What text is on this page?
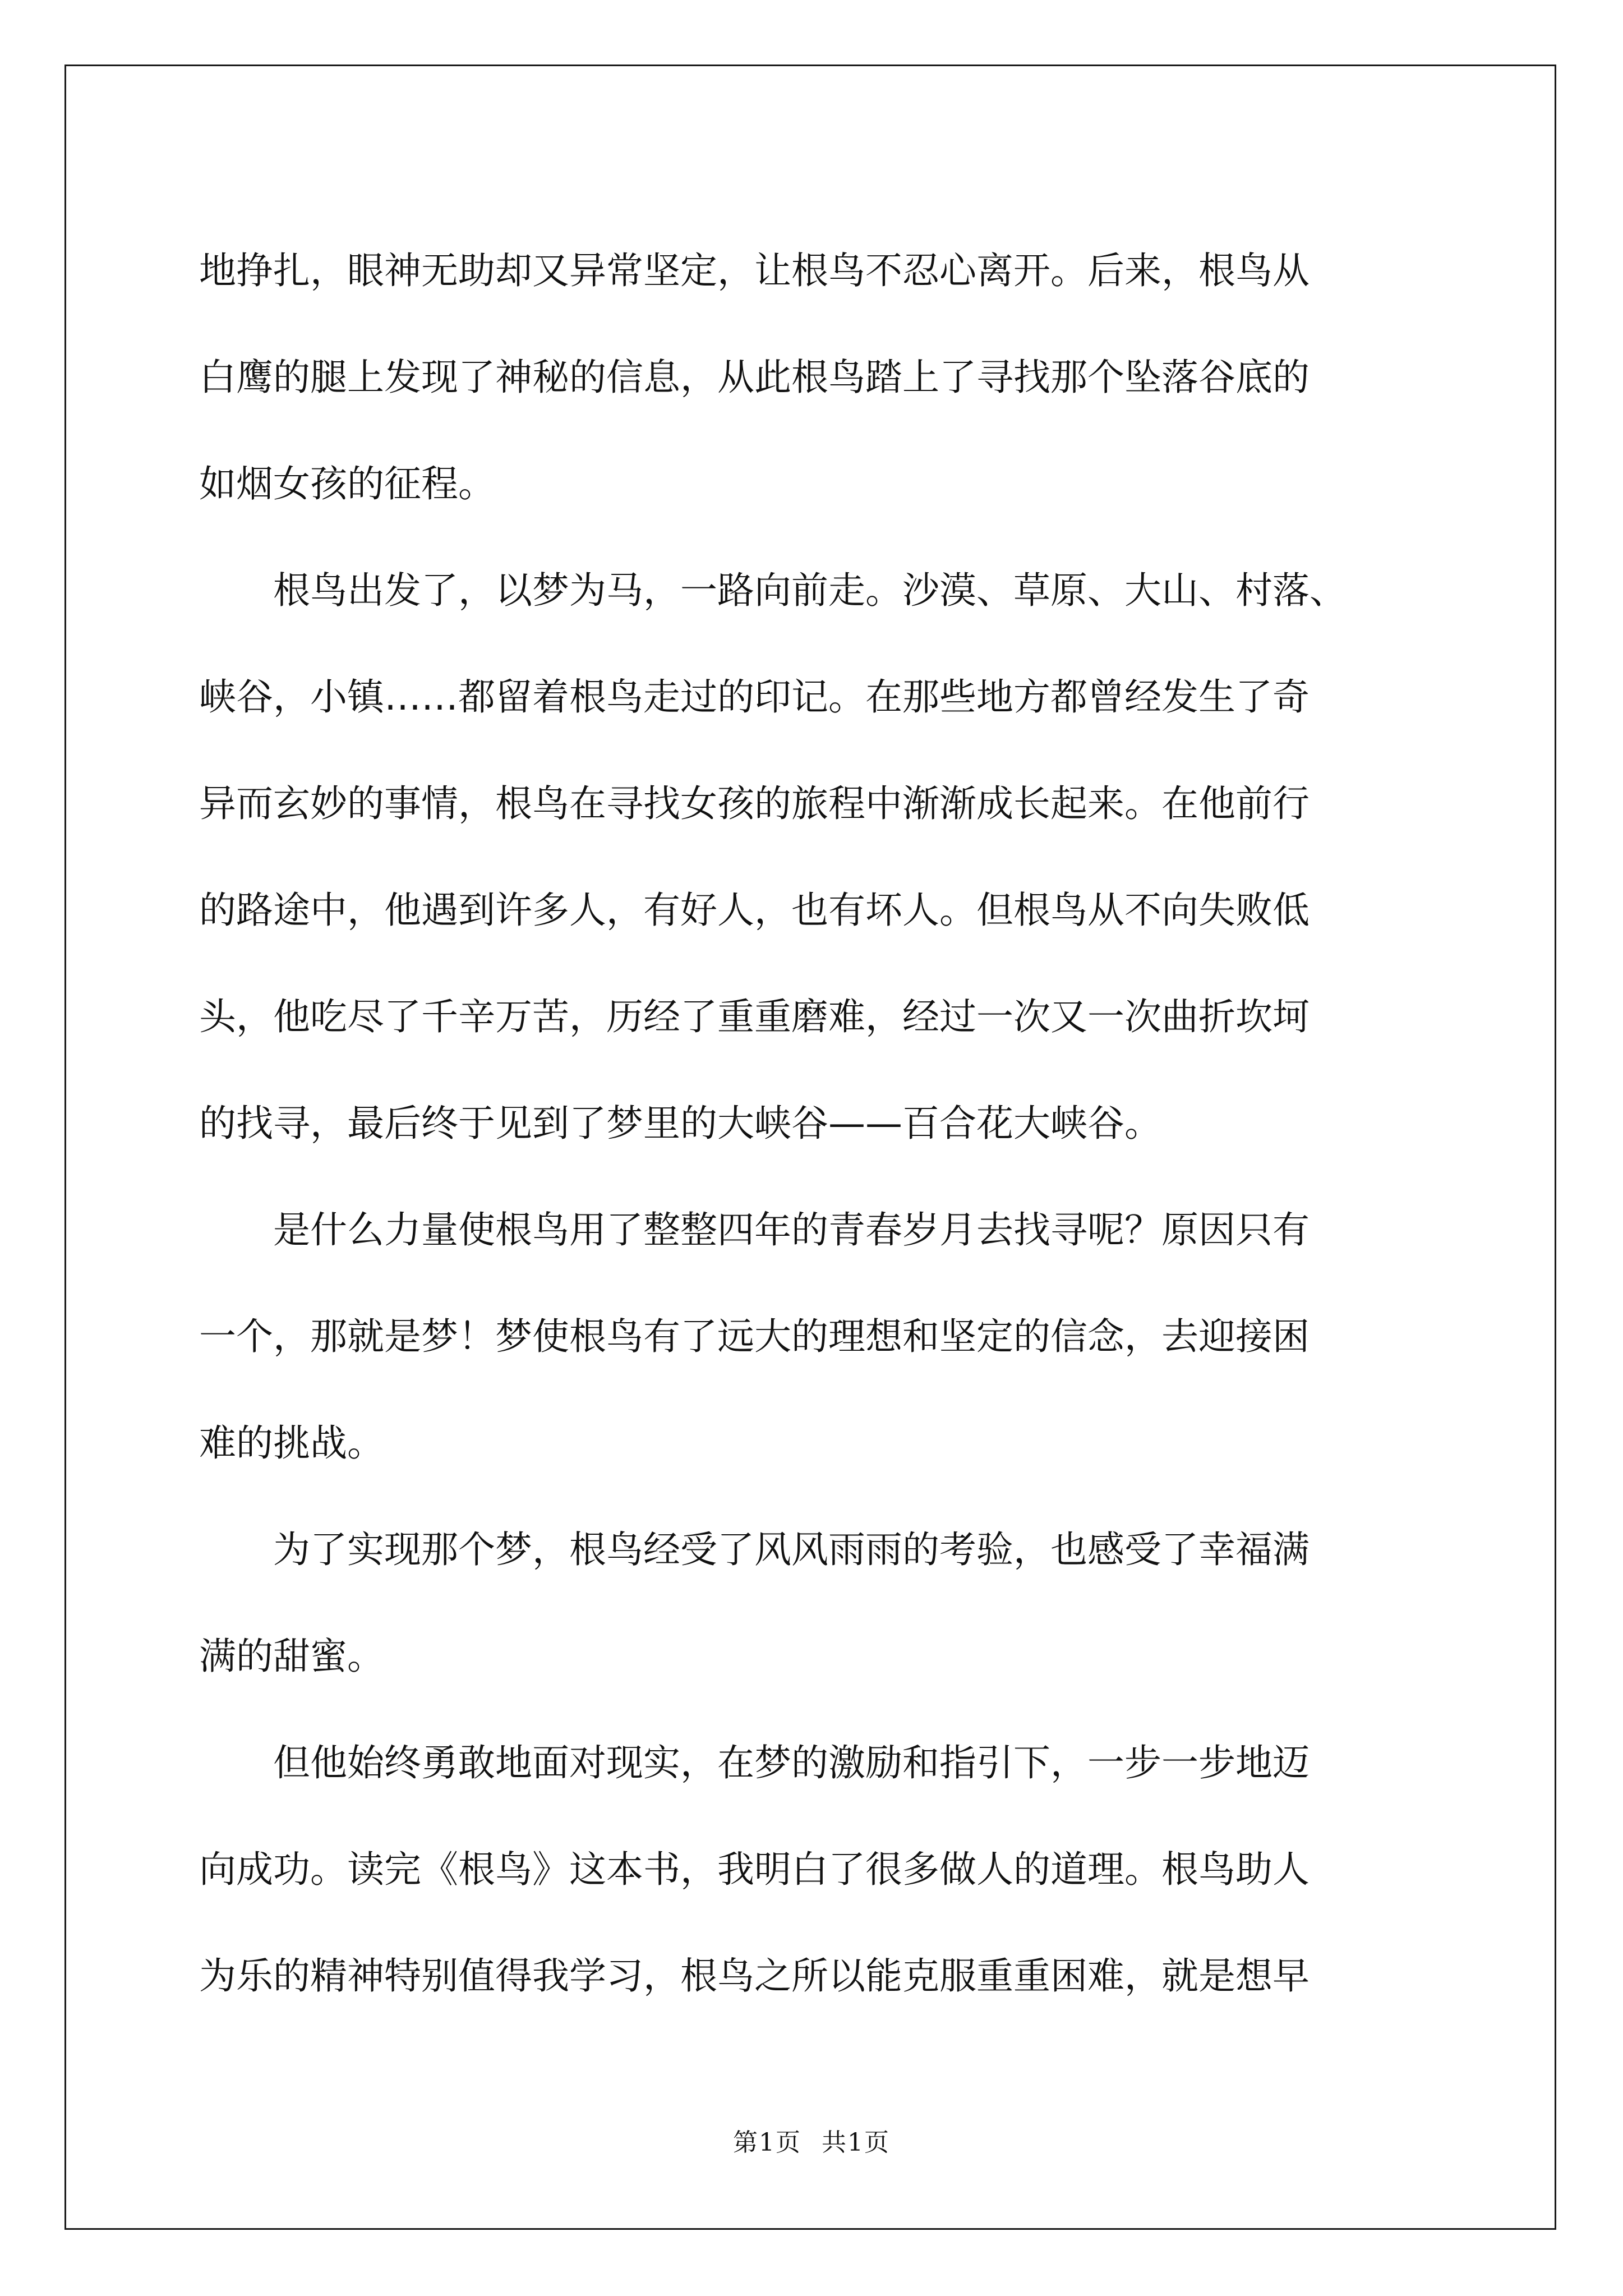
地挣扎，眼神无助却又异常坚定，让根鸟不忍心离开。后来，根鸟从
白鹰的腿上发现了神秘的信息，从此根鸟踏上了寻找那个坠落谷底的
如烟女孩的征程。
　　根鸟出发了，以梦为马，一路向前走。沙漠、草原、大山、村落、
峡谷，小镇……都留着根鸟走过的印记。在那些地方都曾经发生了奇
异而玄妙的事情，根鸟在寻找女孩的旅程中渐渐成长起来。在他前行
的路途中，他遇到许多人，有好人，也有坏人。但根鸟从不向失败低
头，他吃尽了千辛万苦，历经了重重磨难，经过一次又一次曲折坎坷
的找寻，最后终于见到了梦里的大峡谷——百合花大峡谷。
　　是什么力量使根鸟用了整整四年的青春岁月去找寻呢？原因只有
一个，那就是梦！梦使根鸟有了远大的理想和坚定的信念，去迎接困
难的挑战。
　　为了实现那个梦，根鸟经受了风风雨雨的考验，也感受了幸福满
满的甜蜜。
　　但他始终勇敢地面对现实，在梦的激励和指引下，一步一步地迈
向成功。读完《根鸟》这本书，我明白了很多做人的道理。根鸟助人
为乐的精神特别值得我学习，根鸟之所以能克服重重困难，就是想早
第1页 共1页
